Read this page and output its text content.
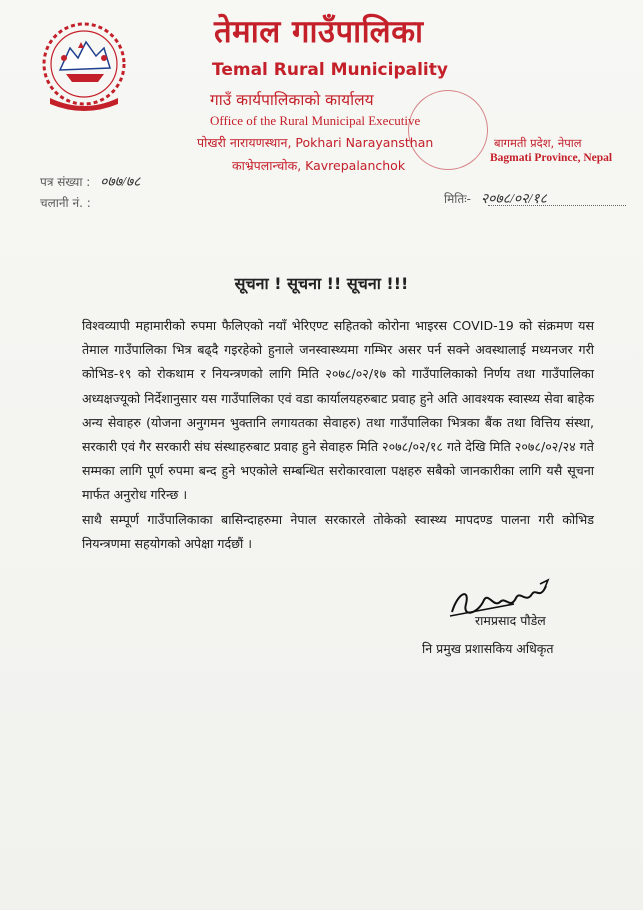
तेमाल गाउँपालिका
Temal Rural Municipality
गाउँ कार्यपालिकाको कार्यालय
Office of the Rural Municipal Executive
पोखरी नारायणस्थान, Pokhari Narayansthan
काभ्रेपलान्चोक, Kavrepalanchok
बागमती प्रदेश, नेपाल
Bagmati Province, Nepal
पत्र संख्या : ०७७/७८
चलानी नं. :	मितिः- २०७८/०२/१८
सूचना ! सूचना !! सूचना !!!

विश्वव्यापी महामारीको रुपमा फैलिएको नयाँ भेरिएण्ट सहितको कोरोना भाइरस COVID-19 को संक्रमण यस तेमाल गाउँपालिका भित्र बढ्दै गइरहेको हुनाले जनस्वास्थ्यमा गम्भिर असर पर्न सक्ने अवस्थालाई मध्यनजर गरी कोभिड-१९ को रोकथाम र नियन्त्रणको लागि मिति २०७८/०२/१७ को गाउँपालिकाको निर्णय तथा गाउँपालिका अध्यक्षज्यूको निर्देशानुसार यस गाउँपालिका एवं वडा कार्यालयहरुबाट प्रवाह हुने अति आवश्यक स्वास्थ्य सेवा बाहेक अन्य सेवाहरु (योजना अनुगमन भुक्तानि लगायतका सेवाहरु) तथा गाउँपालिका भित्रका बैंक तथा वित्तिय संस्था, सरकारी एवं गैर सरकारी संघ संस्थाहरुबाट प्रवाह हुने सेवाहरु मिति २०७८/०२/१८ गते देखि मिति २०७८/०२/२४ गते सम्मका लागि पूर्ण रुपमा बन्द हुने भएकोले सम्बन्धित सरोकारवाला पक्षहरु सबैको जानकारीका लागि यसै सूचना मार्फत अनुरोध गरिन्छ ।

साथै सम्पूर्ण गाउँपालिकाका बासिन्दाहरुमा नेपाल सरकारले तोकेको स्वास्थ्य मापदण्ड पालना गरी कोभिड नियन्त्रणमा सहयोगको अपेक्षा गर्दछौं ।

रामप्रसाद पौडेल
नि प्रमुख प्रशासकिय अधिकृत
